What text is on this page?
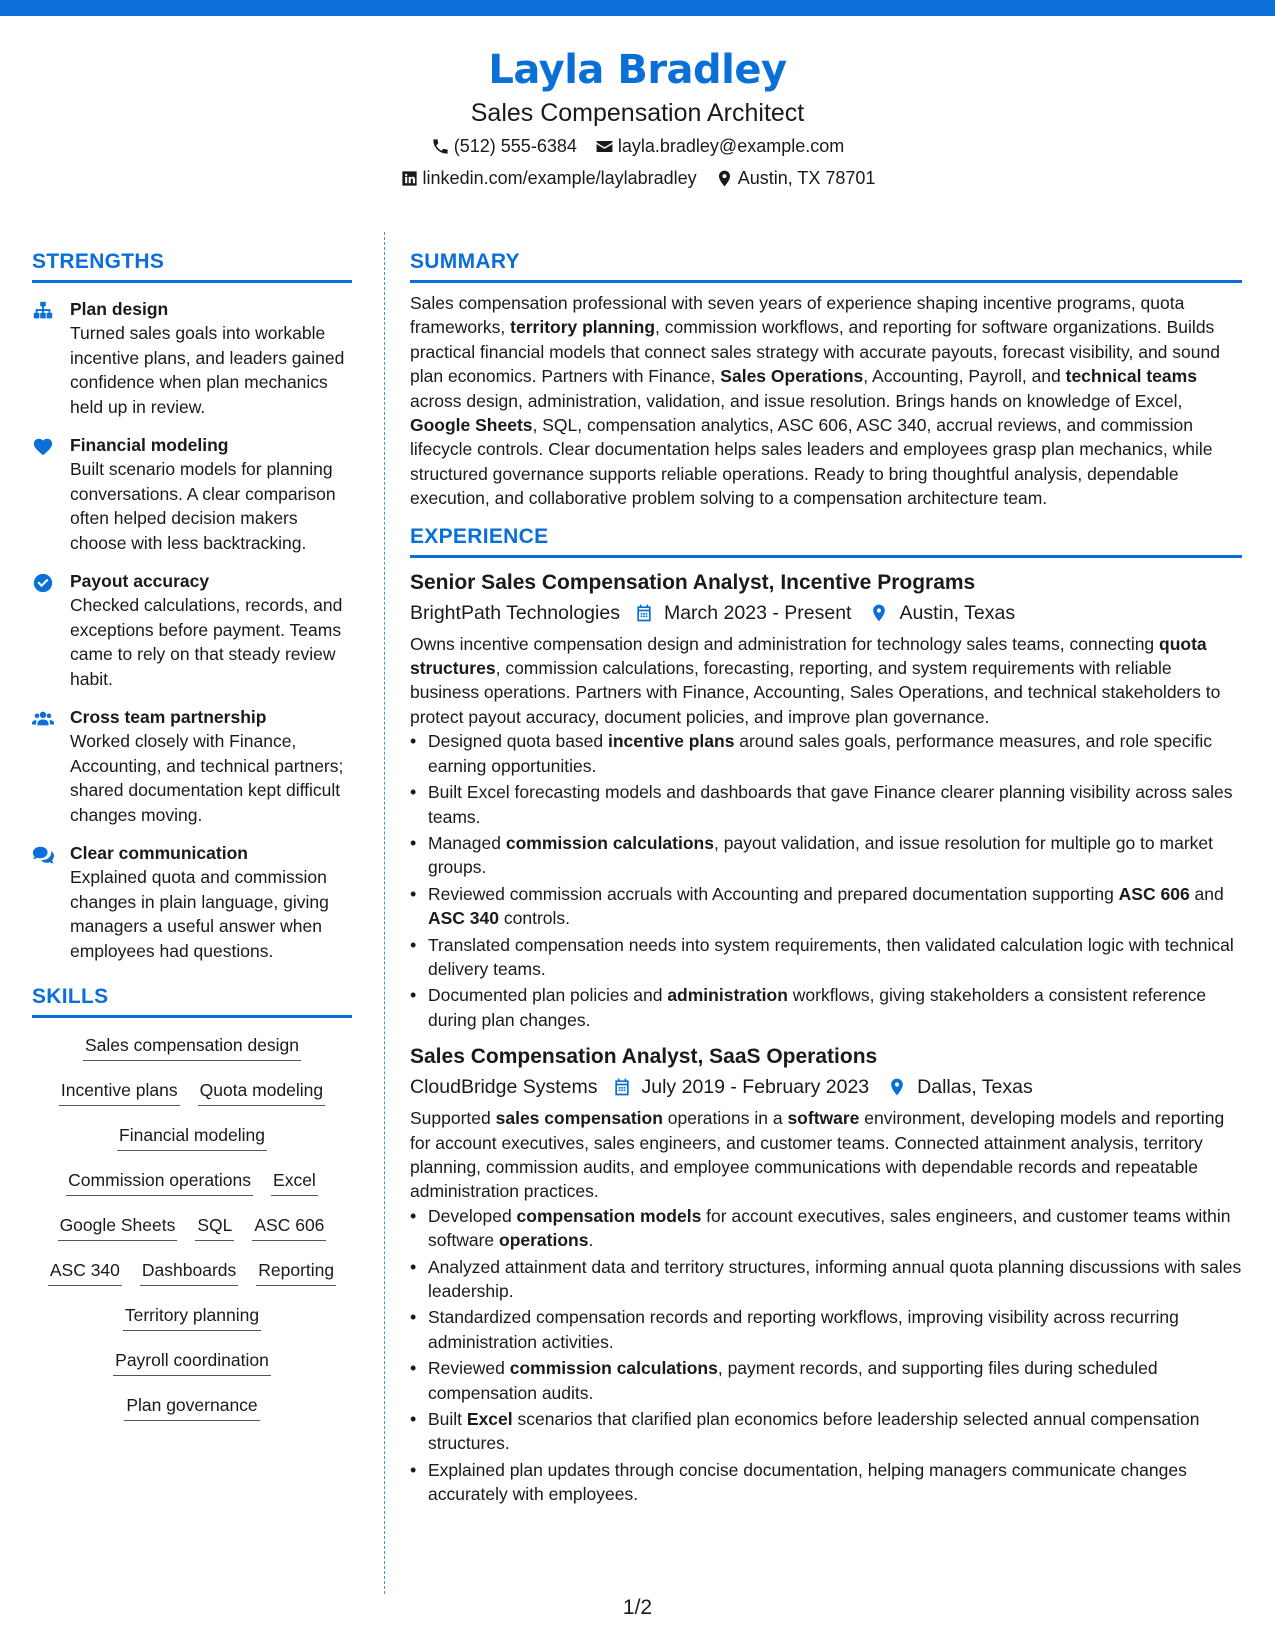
Layla Bradley
Sales Compensation Architect
(512) 555-6384 layla.bradley@example.com
linkedin.com/example/laylabradley Austin, TX 78701
STRENGTHS
Plan design
Turned sales goals into workable incentive plans, and leaders gained confidence when plan mechanics held up in review.
Financial modeling
Built scenario models for planning conversations. A clear comparison often helped decision makers choose with less backtracking.
Payout accuracy
Checked calculations, records, and exceptions before payment. Teams came to rely on that steady review habit.
Cross team partnership
Worked closely with Finance, Accounting, and technical partners; shared documentation kept difficult changes moving.
Clear communication
Explained quota and commission changes in plain language, giving managers a useful answer when employees had questions.
SKILLS
Sales compensation design
Incentive plans Quota modeling
Financial modeling
Commission operations Excel
Google Sheets SQL ASC 606
ASC 340 Dashboards Reporting
Territory planning
Payroll coordination
Plan governance
SUMMARY

Sales compensation professional with seven years of experience shaping incentive programs, quota frameworks, territory planning, commission workflows, and reporting for software organizations. Builds practical financial models that connect sales strategy with accurate payouts, forecast visibility, and sound plan economics. Partners with Finance, Sales Operations, Accounting, Payroll, and technical teams across design, administration, validation, and issue resolution. Brings hands on knowledge of Excel, Google Sheets, SQL, compensation analytics, ASC 606, ASC 340, accrual reviews, and commission lifecycle controls. Clear documentation helps sales leaders and employees grasp plan mechanics, while structured governance supports reliable operations. Ready to bring thoughtful analysis, dependable execution, and collaborative problem solving to a compensation architecture team.

EXPERIENCE
Senior Sales Compensation Analyst, Incentive Programs
BrightPath Technologies March 2023 - Present Austin, Texas

Owns incentive compensation design and administration for technology sales teams, connecting quota structures, commission calculations, forecasting, reporting, and system requirements with reliable business operations. Partners with Finance, Accounting, Sales Operations, and technical stakeholders to protect payout accuracy, document policies, and improve plan governance.

• Designed quota based incentive plans around sales goals, performance measures, and role specific earning opportunities.
• Built Excel forecasting models and dashboards that gave Finance clearer planning visibility across sales teams.
• Managed commission calculations, payout validation, and issue resolution for multiple go to market groups.
• Reviewed commission accruals with Accounting and prepared documentation supporting ASC 606 and ASC 340 controls.
• Translated compensation needs into system requirements, then validated calculation logic with technical delivery teams.
• Documented plan policies and administration workflows, giving stakeholders a consistent reference during plan changes.
Sales Compensation Analyst, SaaS Operations
CloudBridge Systems July 2019 - February 2023 Dallas, Texas

Supported sales compensation operations in a software environment, developing models and reporting for account executives, sales engineers, and customer teams. Connected attainment analysis, territory planning, commission audits, and employee communications with dependable records and repeatable administration practices.

• Developed compensation models for account executives, sales engineers, and customer teams within software operations.
• Analyzed attainment data and territory structures, informing annual quota planning discussions with sales leadership.
• Standardized compensation records and reporting workflows, improving visibility across recurring administration activities.
• Reviewed commission calculations, payment records, and supporting files during scheduled compensation audits.
• Built Excel scenarios that clarified plan economics before leadership selected annual compensation structures.
• Explained plan updates through concise documentation, helping managers communicate changes accurately with employees.
1/2
